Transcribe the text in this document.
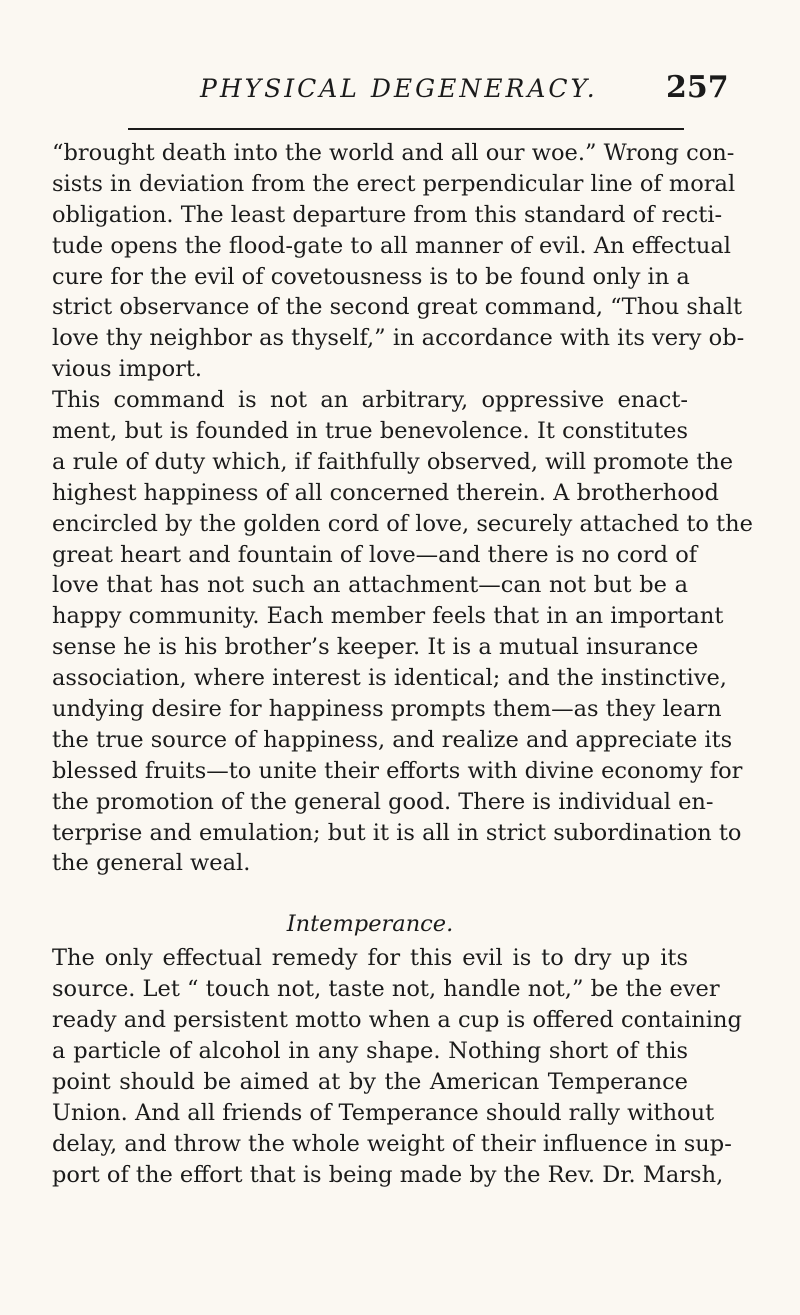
PHYSICAL DEGENERACY. 257
“brought death into the world and all our woe.” Wrong con-
sists in deviation from the erect perpendicular line of moral
obligation. The least departure from this standard of recti-
tude opens the flood-gate to all manner of evil. An effectual
cure for the evil of covetousness is to be found only in a
strict observance of the second great command, “Thou shalt
love thy neighbor as thyself,” in accordance with its very ob-
vious import.
This command is not an arbitrary, oppressive enact-
ment, but is founded in true benevolence. It constitutes
a rule of duty which, if faithfully observed, will promote the
highest happiness of all concerned therein. A brotherhood
encircled by the golden cord of love, securely attached to the
great heart and fountain of love—and there is no cord of
love that has not such an attachment—can not but be a
happy community. Each member feels that in an important
sense he is his brother’s keeper. It is a mutual insurance
association, where interest is identical; and the instinctive,
undying desire for happiness prompts them—as they learn
the true source of happiness, and realize and appreciate its
blessed fruits—to unite their efforts with divine economy for
the promotion of the general good. There is individual en-
terprise and emulation; but it is all in strict subordination to
the general weal.
Intemperance.
The only effectual remedy for this evil is to dry up its
source. Let “ touch not, taste not, handle not,” be the ever
ready and persistent motto when a cup is offered containing
a particle of alcohol in any shape. Nothing short of this
point should be aimed at by the American Temperance
Union. And all friends of Temperance should rally without
delay, and throw the whole weight of their influence in sup-
port of the effort that is being made by the Rev. Dr. Marsh,
